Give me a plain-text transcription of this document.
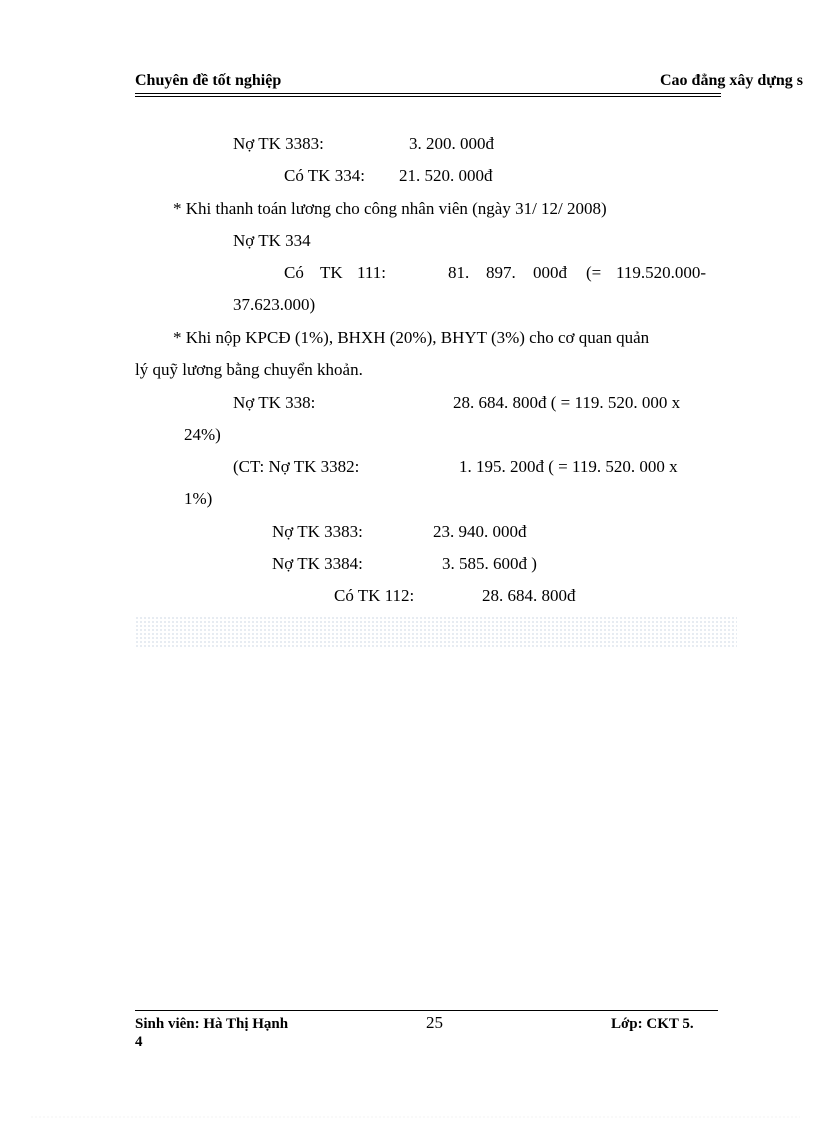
Chuyên đề tốt nghiệp	Cao đẳng xây dựng s
Nợ TK 3383:	3. 200. 000đ
Có TK 334: 21. 520. 000đ
* Khi thanh toán lương cho công nhân viên (ngày 31/ 12/ 2008)
Nợ TK 334
Có TK 111:	81. 897. 000đ (= 119.520.000-
37.623.000)
* Khi nộp KPCĐ (1%), BHXH (20%), BHYT (3%) cho cơ quan quản
lý quỹ lương bằng chuyển khoản.
Nợ TK 338:	28. 684. 800đ ( = 119. 520. 000 x
24%)
(CT: Nợ TK 3382:	1. 195. 200đ ( = 119. 520. 000 x
1%)
Nợ TK 3383:	23. 940. 000đ
Nợ TK 3384:	3. 585. 600đ )
Có TK 112:	28. 684. 800đ
Sinh viên: Hà Thị Hạnh	25	Lớp: CKT 5.
4
